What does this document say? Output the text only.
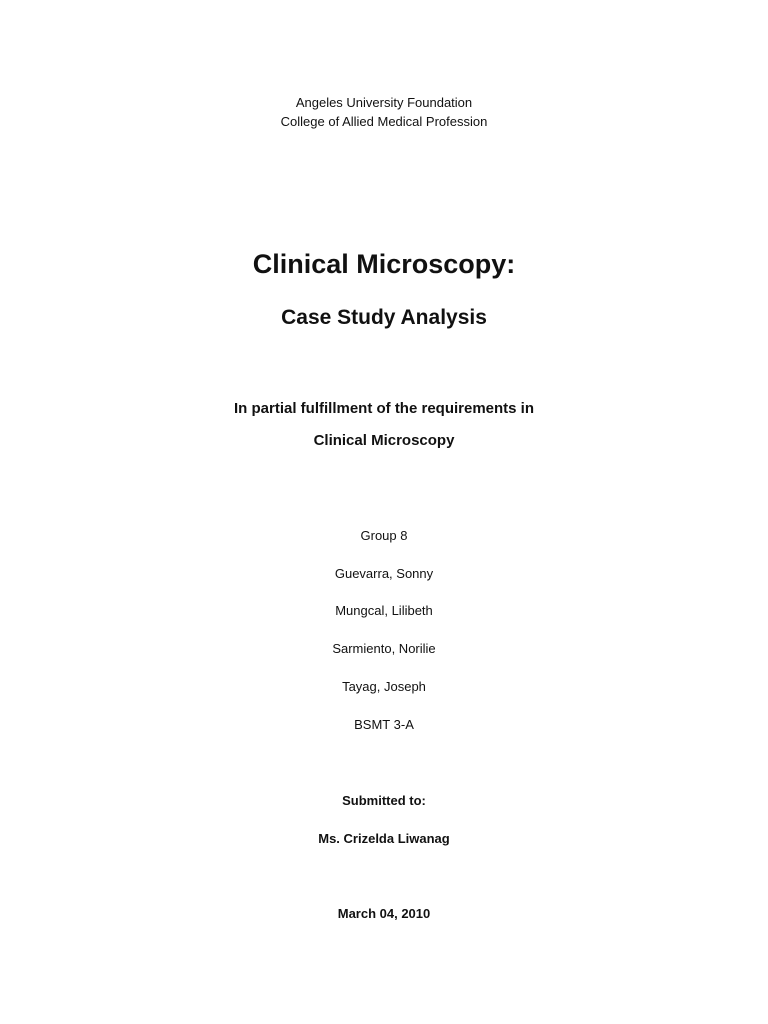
Angeles University Foundation
College of Allied Medical Profession
Clinical Microscopy:
Case Study Analysis
In partial fulfillment of the requirements in
Clinical Microscopy
Group 8
Guevarra, Sonny
Mungcal, Lilibeth
Sarmiento, Norilie
Tayag, Joseph
BSMT 3-A
Submitted to:
Ms. Crizelda Liwanag
March 04, 2010
